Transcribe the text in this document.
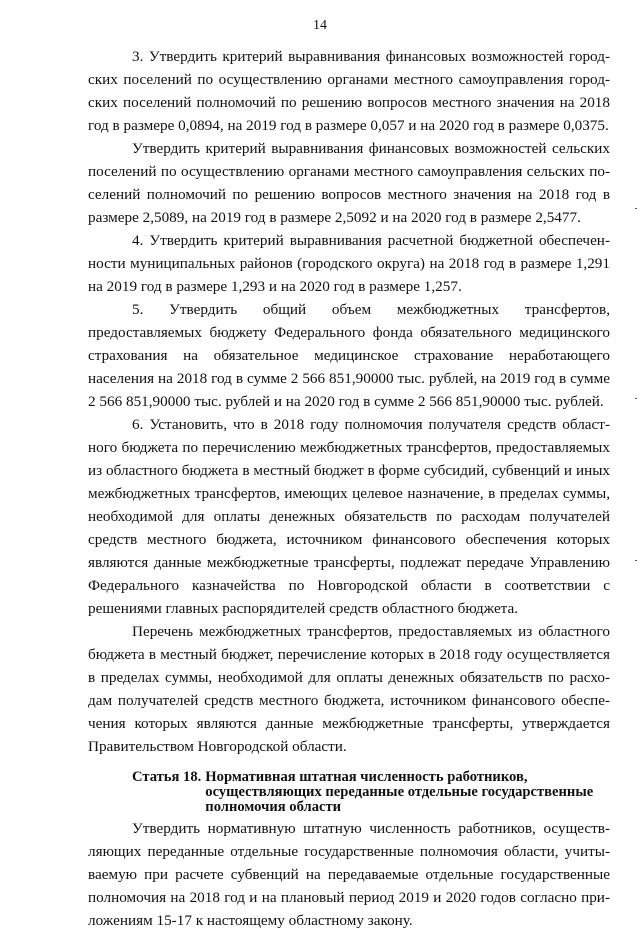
14

3. Утвердить критерий выравнивания финансовых возможностей городских поселений по осуществлению органами местного самоуправления городских поселений полномочий по решению вопросов местного значения на 2018 год в размере 0,0894, на 2019 год в размере 0,057 и на 2020 год в размере 0,0375.

Утвердить критерий выравнивания финансовых возможностей сельских поселений по осуществлению органами местного самоуправления сельских поселений полномочий по решению вопросов местного значения на 2018 год в размере 2,5089, на 2019 год в размере 2,5092 и на 2020 год в размере 2,5477.

4. Утвердить критерий выравнивания расчетной бюджетной обеспеченности муниципальных районов (городского округа) на 2018 год в размере 1,291 на 2019 год в размере 1,293 и на 2020 год в размере 1,257.

5. Утвердить общий объем межбюджетных трансфертов, предоставляемых бюджету Федерального фонда обязательного медицинского страхования на обязательное медицинское страхование неработающего населения на 2018 год в сумме 2 566 851,90000 тыс. рублей, на 2019 год в сумме 2 566 851,90000 тыс. рублей и на 2020 год в сумме 2 566 851,90000 тыс. рублей.

6. Установить, что в 2018 году полномочия получателя средств областного бюджета по перечислению межбюджетных трансфертов, предоставляемых из областного бюджета в местный бюджет в форме субсидий, субвенций и иных межбюджетных трансфертов, имеющих целевое назначение, в пределах суммы, необходимой для оплаты денежных обязательств по расходам получателей средств местного бюджета, источником финансового обеспечения которых являются данные межбюджетные трансферты, подлежат передаче Управлению Федерального казначейства по Новгородской области в соответствии с решениями главных распорядителей средств областного бюджета.

Перечень межбюджетных трансфертов, предоставляемых из областного бюджета в местный бюджет, перечисление которых в 2018 году осуществляется в пределах суммы, необходимой для оплаты денежных обязательств по расходам получателей средств местного бюджета, источником финансового обеспечения которых являются данные межбюджетные трансферты, утверждается Правительством Новгородской области.

Статья 18. Нормативная штатная численность работников, осуществляющих переданные отдельные государственные полномочия области

Утвердить нормативную штатную численность работников, осуществляющих переданные отдельные государственные полномочия области, учитываемую при расчете субвенций на передаваемые отдельные государственные полномочия на 2018 год и на плановый период 2019 и 2020 годов согласно приложениям 15-17 к настоящему областному закону.
